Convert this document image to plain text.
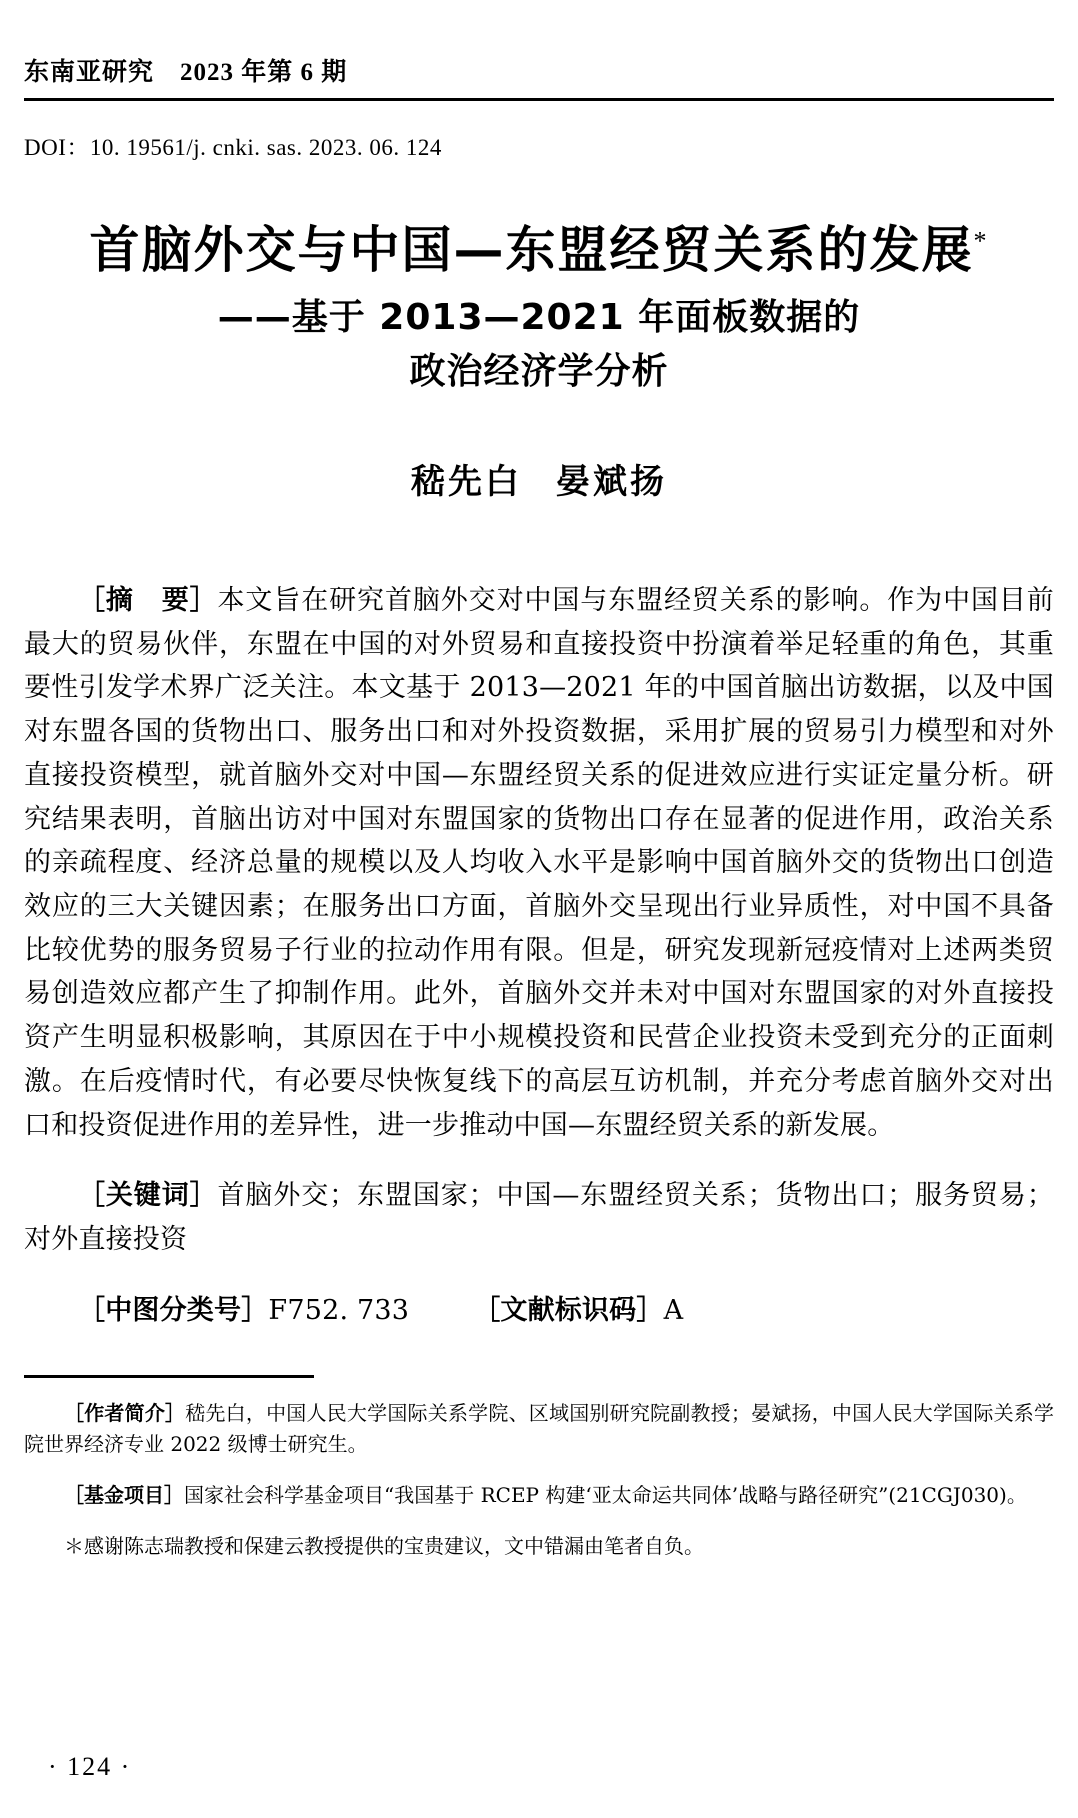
东南亚研究 2023 年第 6 期
DOI：10. 19561/j. cnki. sas. 2023. 06. 124
首脑外交与中国—东盟经贸关系的发展*
——基于 2013—2021 年面板数据的
政治经济学分析
嵇先白 晏斌扬

［摘　要］本文旨在研究首脑外交对中国与东盟经贸关系的影响。作为中国目前最大的贸易伙伴，东盟在中国的对外贸易和直接投资中扮演着举足轻重的角色，其重要性引发学术界广泛关注。本文基于 2013—2021 年的中国首脑出访数据，以及中国对东盟各国的货物出口、服务出口和对外投资数据，采用扩展的贸易引力模型和对外直接投资模型，就首脑外交对中国—东盟经贸关系的促进效应进行实证定量分析。研究结果表明，首脑出访对中国对东盟国家的货物出口存在显著的促进作用，政治关系的亲疏程度、经济总量的规模以及人均收入水平是影响中国首脑外交的货物出口创造效应的三大关键因素；在服务出口方面，首脑外交呈现出行业异质性，对中国不具备比较优势的服务贸易子行业的拉动作用有限。但是，研究发现新冠疫情对上述两类贸易创造效应都产生了抑制作用。此外，首脑外交并未对中国对东盟国家的对外直接投资产生明显积极影响，其原因在于中小规模投资和民营企业投资未受到充分的正面刺激。在后疫情时代，有必要尽快恢复线下的高层互访机制，并充分考虑首脑外交对出口和投资促进作用的差异性，进一步推动中国—东盟经贸关系的新发展。

［关键词］首脑外交；东盟国家；中国—东盟经贸关系；货物出口；服务贸易；对外直接投资

［中图分类号］F752. 733 ［文献标识码］A

［作者简介］嵇先白，中国人民大学国际关系学院、区域国别研究院副教授；晏斌扬，中国人民大学国际关系学院世界经济专业 2022 级博士研究生。

［基金项目］国家社会科学基金项目“我国基于 RCEP 构建‘亚太命运共同体’战略与路径研究”(21CGJ030)。

＊感谢陈志瑞教授和保建云教授提供的宝贵建议，文中错漏由笔者自负。

· 124 ·
